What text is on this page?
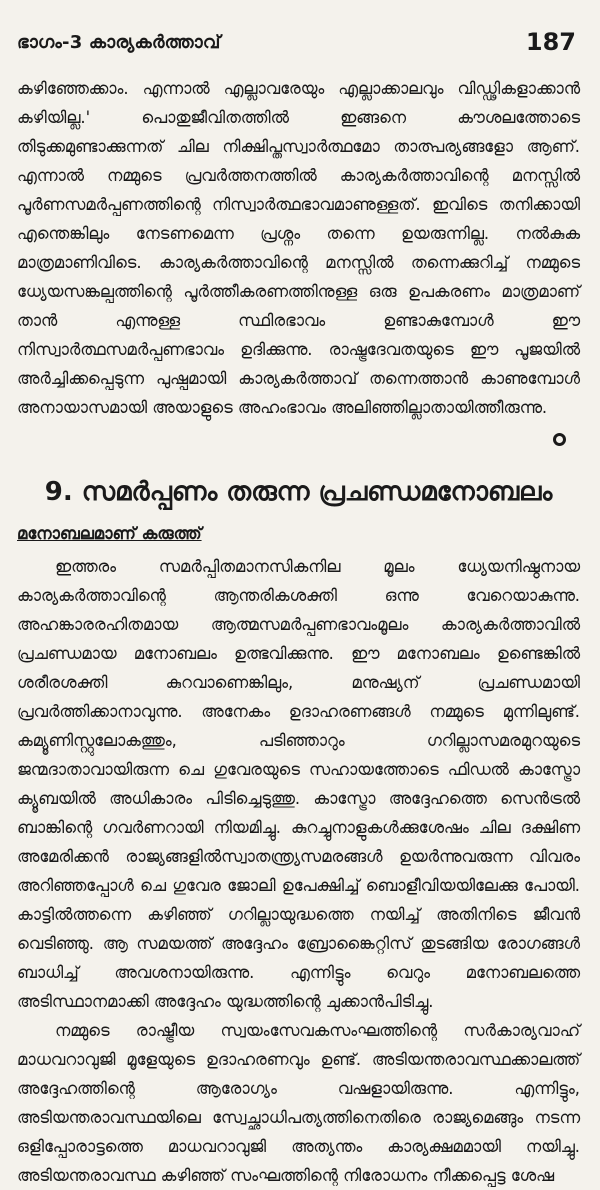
ഭാഗം-3 കാര്യകർത്താവ്	187

കഴിഞ്ഞേക്കാം. എന്നാൽ എല്ലാവരേയും എല്ലാക്കാലവും വിഡ്ഢികളാക്കാൻ കഴിയില്ല.' പൊതുജീവിതത്തിൽ ഇങ്ങനെ കൗശലത്തോടെ തിടുക്കമുണ്ടാക്കുന്നത് ചില നിക്ഷിപ്തസ്വാർത്ഥമോ താത്പര്യങ്ങളോ ആണ്. എന്നാൽ നമ്മുടെ പ്രവർത്തനത്തിൽ കാര്യകർത്താവിന്റെ മനസ്സിൽ പൂർണസമർപ്പണത്തിന്റെ നിസ്വാർത്ഥഭാവമാണുള്ളത്. ഇവിടെ തനിക്കായി എന്തെങ്കിലും നേടണമെന്ന പ്രശ്നം തന്നെ ഉയരുന്നില്ല. നൽകുക മാത്രമാണിവിടെ. കാര്യകർത്താവിന്റെ മനസ്സിൽ തന്നെക്കുറിച്ച് നമ്മുടെ ധ്യേയസങ്കല്പത്തിന്റെ പൂർത്തീകരണത്തിനുള്ള ഒരു ഉപകരണം മാത്രമാണ് താൻ എന്നുള്ള സ്ഥിരഭാവം ഉണ്ടാകുമ്പോൾ ഈ നിസ്വാർത്ഥസമർപ്പണഭാവം ഉദിക്കുന്നു. രാഷ്ട്രദേവതയുടെ ഈ പൂജയിൽ അർച്ചിക്കപ്പെടുന്ന പുഷ്പമായി കാര്യകർത്താവ് തന്നെത്താൻ കാണുമ്പോൾ അനായാസമായി അയാളുടെ അഹംഭാവം അലിഞ്ഞില്ലാതായിത്തീരുന്നു.

9. സമർപ്പണം തരുന്ന പ്രചണ്ഡമനോബലം
മനോബലമാണ് കരുത്ത്

ഇത്തരം സമർപ്പിതമാനസികനില മൂലം ധ്യേയനിഷ്ഠനായ കാര്യകർത്താവിന്റെ ആന്തരികശക്തി ഒന്നു വേറെയാകുന്നു. അഹങ്കാരരഹിതമായ ആത്മസമർപ്പണഭാവംമൂലം കാര്യകർത്താവിൽ പ്രചണ്ഡമായ മനോബലം ഉത്ഭവിക്കുന്നു. ഈ മനോബലം ഉണ്ടെങ്കിൽ ശരീരശക്തി കുറവാണെങ്കിലും, മനുഷ്യന് പ്രചണ്ഡമായി പ്രവർത്തിക്കാനാവുന്നു. അനേകം ഉദാഹരണങ്ങൾ നമ്മുടെ മുന്നിലുണ്ട്. കമ്യൂണിസ്റ്റുലോകത്തും, പടിഞ്ഞാറും ഗറില്ലാസമരമുറയുടെ ജന്മദാതാവായിരുന്ന ചെ ഗുവേരയുടെ സഹായത്തോടെ ഫിഡൽ കാസ്ട്രോ ക്യൂബയിൽ അധികാരം പിടിച്ചെടുത്തു. കാസ്ട്രോ അദ്ദേഹത്തെ സെൻട്രൽ ബാങ്കിന്റെ ഗവർണറായി നിയമിച്ചു. കുറച്ചുനാളുകൾക്കുശേഷം ചില ദക്ഷിണ അമേരിക്കൻ രാജ്യങ്ങളിൽസ്വാതന്ത്ര്യസമരങ്ങൾ ഉയർന്നുവരുന്ന വിവരം അറിഞ്ഞപ്പോൾ ചെ ഗുവേര ജോലി ഉപേക്ഷിച്ച് ബൊളീവിയയിലേക്കു പോയി. കാട്ടിൽത്തന്നെ കഴിഞ്ഞ് ഗറില്ലായുദ്ധത്തെ നയിച്ച് അതിനിടെ ജീവൻ വെടിഞ്ഞു. ആ സമയത്ത് അദ്ദേഹം ബ്രോങ്കൈറ്റിസ് തുടങ്ങിയ രോഗങ്ങൾ ബാധിച്ച് അവശനായിരുന്നു. എന്നിട്ടും വെറും മനോബലത്തെ അടിസ്ഥാനമാക്കി അദ്ദേഹം യുദ്ധത്തിന്റെ ചുക്കാൻപിടിച്ചു.

നമ്മുടെ രാഷ്ട്രീയ സ്വയംസേവകസംഘത്തിന്റെ സർകാര്യവാഹ് മാധവറാവുജി മൂളേയുടെ ഉദാഹരണവും ഉണ്ട്. അടിയന്തരാവസ്ഥക്കാലത്ത് അദ്ദേഹത്തിന്റെ ആരോഗ്യം വഷളായിരുന്നു. എന്നിട്ടും, അടിയന്തരാവസ്ഥയിലെ സ്വേച്ഛാധിപത്യത്തിനെതിരെ രാജ്യമെങ്ങും നടന്ന ഒളിപ്പോരാട്ടത്തെ മാധവറാവുജി അത്യന്തം കാര്യക്ഷമമായി നയിച്ചു. അടിയന്തരാവസ്ഥ കഴിഞ്ഞ് സംഘത്തിന്റെ നിരോധനം നീക്കപ്പെട്ട ശേഷ
